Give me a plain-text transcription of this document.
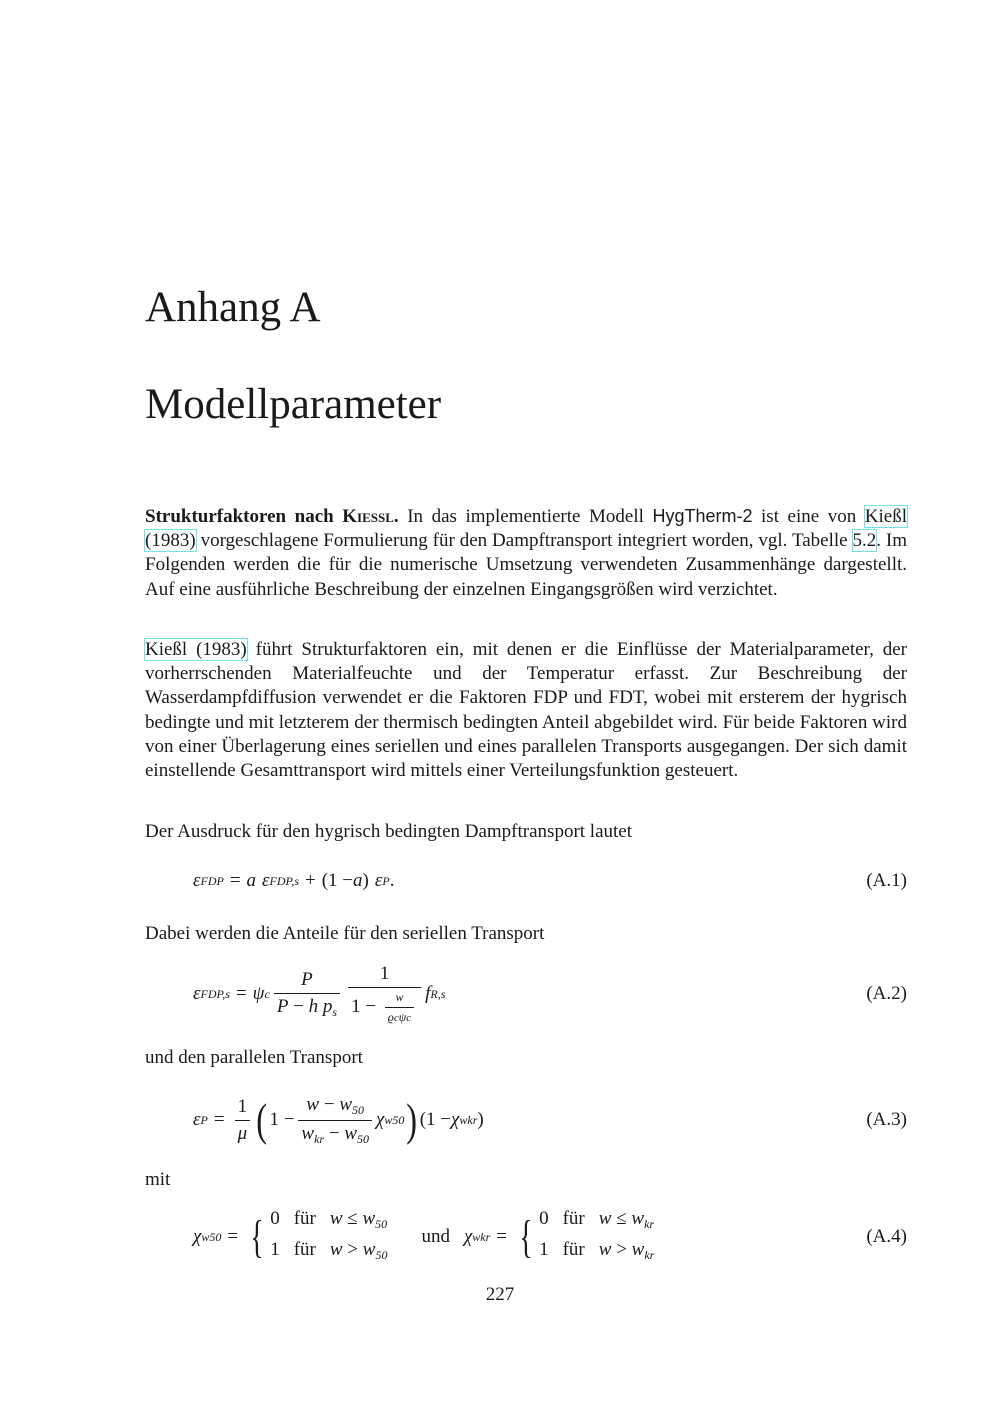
Anhang A
Modellparameter

Strukturfaktoren nach Kießl. In das implementierte Modell HygTherm-2 ist eine von Kießl (1983) vorgeschlagene Formulierung für den Dampftransport integriert worden, vgl. Tabelle 5.2. Im Folgenden werden die für die numerische Umsetzung verwendeten Zusammenhänge dargestellt. Auf eine ausführliche Beschreibung der einzelnen Eingangsgrößen wird verzichtet.

Kießl (1983) führt Strukturfaktoren ein, mit denen er die Einflüsse der Materialparameter, der vorherrschenden Materialfeuchte und der Temperatur erfasst. Zur Beschreibung der Wasserdampfdiffusion verwendet er die Faktoren FDP und FDT, wobei mit ersterem der hygrisch bedingte und mit letzterem der thermisch bedingten Anteil abgebildet wird. Für beide Faktoren wird von einer Überlagerung eines seriellen und eines parallelen Transports ausgegangen. Der sich damit einstellende Gesamttransport wird mittels einer Verteilungsfunktion gesteuert.

Der Ausdruck für den hygrisch bedingten Dampftransport lautet

ε FDP = a ε FDP,s + (1 − a ) ε P .	(A.1)

Dabei werden die Anteile für den seriellen Transport

ε FDP,s = ψ c $\frac{P}{P - h p_s} \frac{1}{1 - \frac{w}{\text{ϱcψc}}}$ f R,s	(A.2)

und den parallelen Transport

ε $P = \frac{1}{\mu}$ ( $1 - \frac{w - w_{50}}{w_{kr} - w_{50}}$ χ w50 ) (1 − χ wkr )	(A.3)

mit

χ w50 = { 0 für $w \le w_{50}$
1 für $w > w_{50}$
und χ wkr = { 0 für $w \le w_{kr}$
1 für $w > w_{kr}$
(A.4)
227
